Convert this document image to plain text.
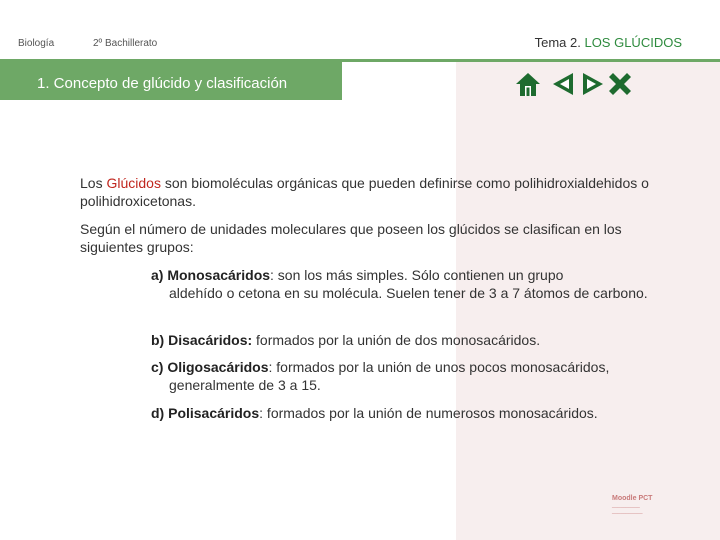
Biología	2º Bachillerato	Tema 2. LOS GLÚCIDOS
1. Concepto de glúcido y clasificación
Los Glúcidos son biomoléculas orgánicas que pueden definirse como polihidroxialdehidos o polihidroxicetonas.
Según el número de unidades moleculares que poseen los glúcidos se clasifican en los siguientes grupos:
a) Monosacáridos: son los más simples. Sólo contienen un grupo
aldehído o cetona en su molécula. Suelen tener de 3 a 7 átomos de carbono.
b) Disacáridos: formados por la unión de dos monosacáridos.
c) Oligosacáridos: formados por la unión de unos pocos monosacáridos,
generalmente de 3 a 15.
d) Polisacáridos: formados por la unión de numerosos monosacáridos.
Moodle PCT
__________
___________
